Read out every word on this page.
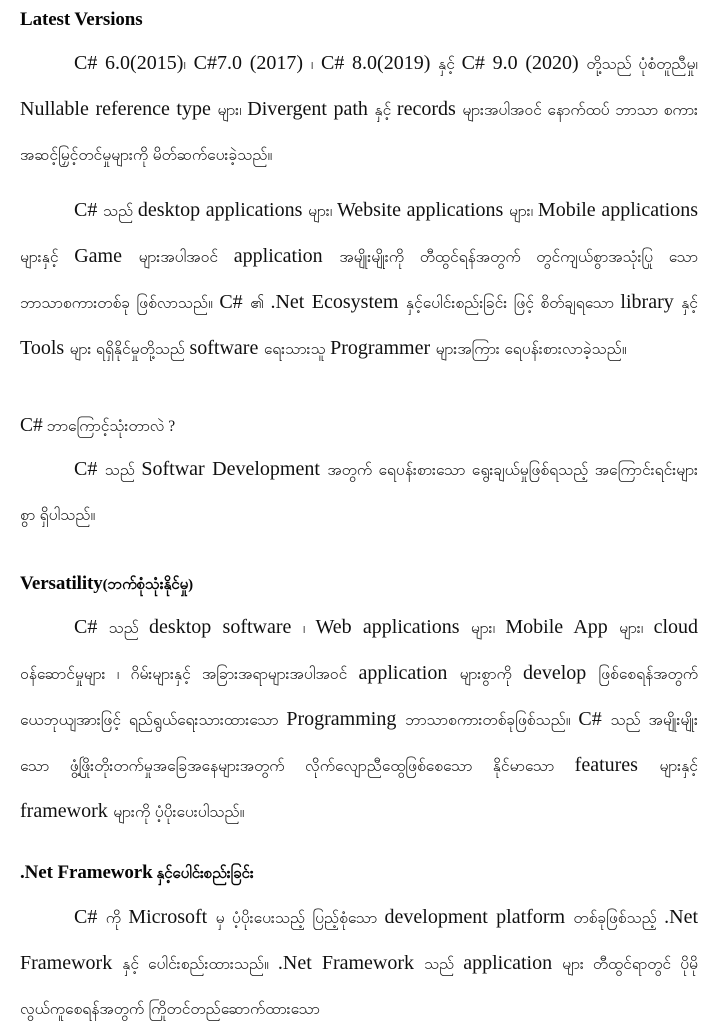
Latest Versions

C# 6.0(2015)၊ C#7.0 (2017) ၊ C# 8.0(2019) နှင့် C# 9.0 (2020) တို့သည် ပုံစံတူညီမှု၊ Nullable reference type များ၊ Divergent path နှင့် records များအပါအဝင် နောက်ထပ် ဘာသာ စကားအဆင့်မြှင့်တင်မှုများကို မိတ်ဆက်ပေးခဲ့သည်။

C# သည် desktop applications များ၊ Website applications များ၊ Mobile applications များနှင့် Game များအပါအဝင် application အမျိုးမျိုးကို တီထွင်ရန်အတွက် တွင်ကျယ်စွာအသုံးပြု သော ဘာသာစကားတစ်ခု ဖြစ်လာသည်။ C# ၏ .Net Ecosystem နှင့်ပေါင်းစည်းခြင်း ဖြင့် စိတ်ချရသော library နှင့် Tools များ ရရှိနိုင်မှုတို့သည် software ရေးသားသူ Programmer များအကြား ရေပန်းစားလာခဲ့သည်။

C# ဘာကြောင့်သုံးတာလဲ ?

C# သည် Softwar Development အတွက် ရေပန်းစားသော ရွေးချယ်မှုဖြစ်ရသည့် အကြောင်းရင်းများစွာ ရှိပါသည်။

Versatility(ဘက်စုံသုံးနိုင်မှု)

C# သည် desktop software ၊ Web applications များ၊ Mobile App များ၊ cloud ဝန်ဆောင်မှုများ ၊ ဂိမ်းများနှင့် အခြားအရာများအပါအဝင် application များစွာကို develop ဖြစ်စေရန်အတွက် ယေဘုယျအားဖြင့် ရည်ရွယ်ရေးသားထားသော Programming ဘာသာစကားတစ်ခုဖြစ်သည်။ C# သည် အမျိုးမျိုး သော ဖွံ့ဖြိုးတိုးတက်မှုအခြေအနေများအတွက် လိုက်လျောညီထွေဖြစ်စေသော နိုင်မာသော features များနှင့် framework များကို ပံ့ပိုးပေးပါသည်။

.Net Framework နှင့်ပေါင်းစည်းခြင်း

C# ကို Microsoft မှ ပံ့ပိုးပေးသည့် ပြည့်စုံသော development platform တစ်ခုဖြစ်သည့် .Net Framework နှင့် ပေါင်းစည်းထားသည်။ .Net Framework သည် application များ တီထွင်ရာတွင် ပိုမိုလွယ်ကူစေရန်အတွက် ကြိုတင်တည်ဆောက်ထားသော
